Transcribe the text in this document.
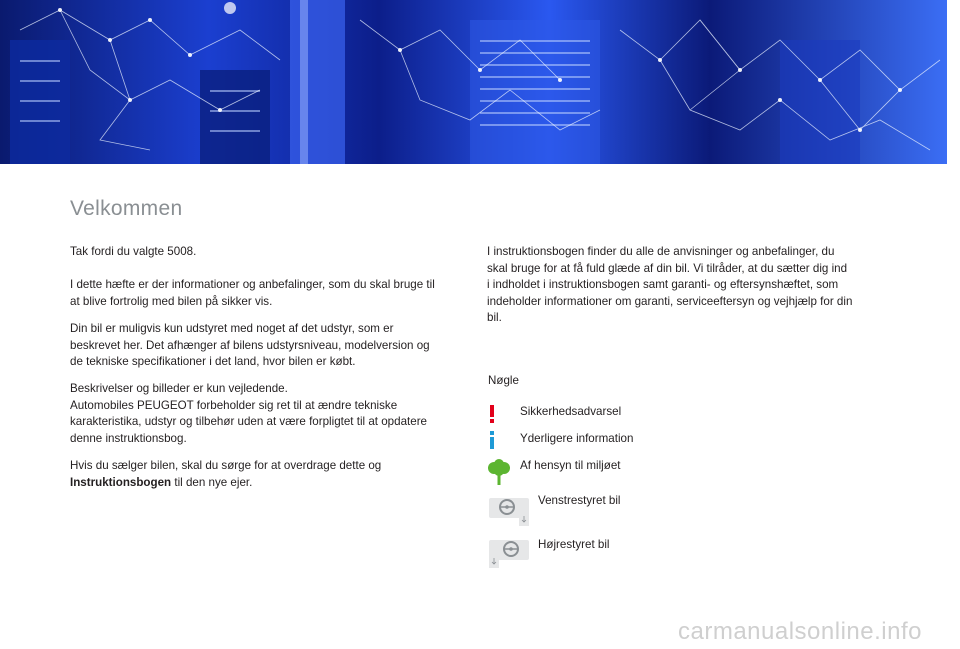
Velkommen

Tak fordi du valgte 5008.

I dette hæfte er der informationer og anbefalinger, som du skal bruge til
at blive fortrolig med bilen på sikker vis.

Din bil er muligvis kun udstyret med noget af det udstyr, som er
beskrevet her. Det afhænger af bilens udstyrsniveau, modelversion og
de tekniske specifikationer i det land, hvor bilen er købt.

Beskrivelser og billeder er kun vejledende.
Automobiles PEUGEOT forbeholder sig ret til at ændre tekniske
karakteristika, udstyr og tilbehør uden at være forpligtet til at opdatere
denne instruktionsbog.

Hvis du sælger bilen, skal du sørge for at overdrage dette og
Instruktionsbogen til den nye ejer.

I instruktionsbogen finder du alle de anvisninger og anbefalinger, du
skal bruge for at få fuld glæde af din bil. Vi tilråder, at du sætter dig ind
i indholdet i instruktionsbogen samt garanti- og eftersynshæftet, som
indeholder informationer om garanti, serviceeftersyn og vejhjælp for din
bil.

Nøgle
Sikkerhedsadvarsel
Yderligere information
Af hensyn til miljøet
Venstrestyret bil
Højrestyret bil
carmanualsonline.info
